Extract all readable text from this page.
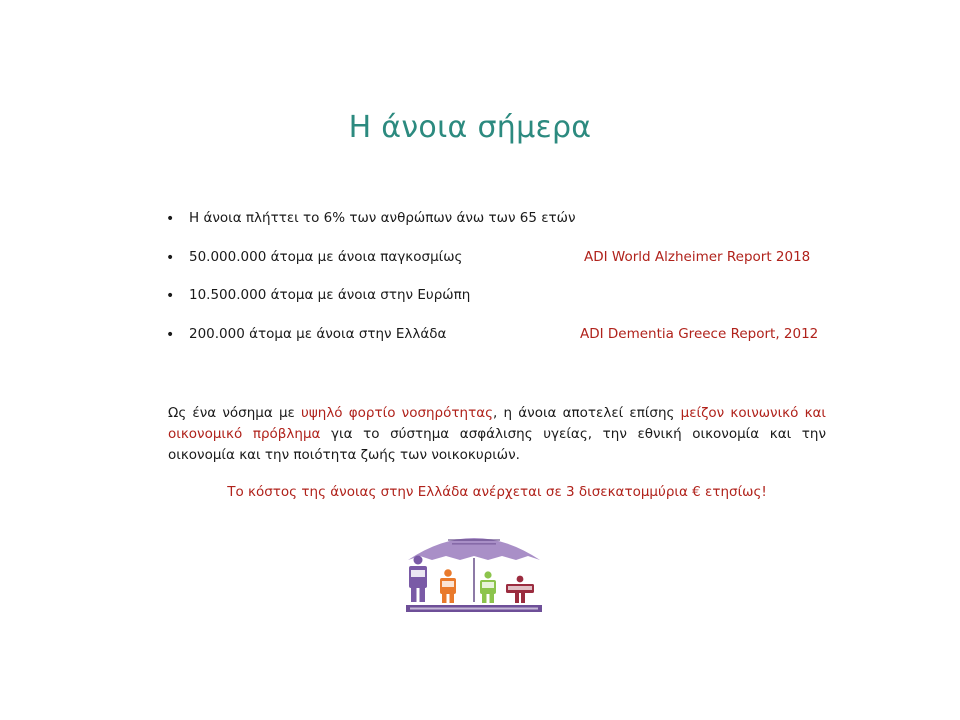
Η άνοια σήμερα
• Η άνοια πλήττει το 6% των ανθρώπων άνω των 65 ετών
• 50.000.000 άτομα με άνοια παγκοσμίως	ADI World Alzheimer Report 2018
• 10.500.000 άτομα με άνοια στην Ευρώπη
• 200.000 άτομα με άνοια στην Ελλάδα	ADI Dementia Greece Report, 2012
Ως ένα νόσημα με υψηλό φορτίο νοσηρότητας, η άνοια αποτελεί επίσης μείζον κοινωνικό και οικονομικό πρόβλημα για το σύστημα ασφάλισης υγείας, την εθνική οικονομία και την οικονομία και την ποιότητα ζωής των νοικοκυριών.
Το κόστος της άνοιας στην Ελλάδα ανέρχεται σε 3 δισεκατομμύρια € ετησίως!
DEMENTIA
